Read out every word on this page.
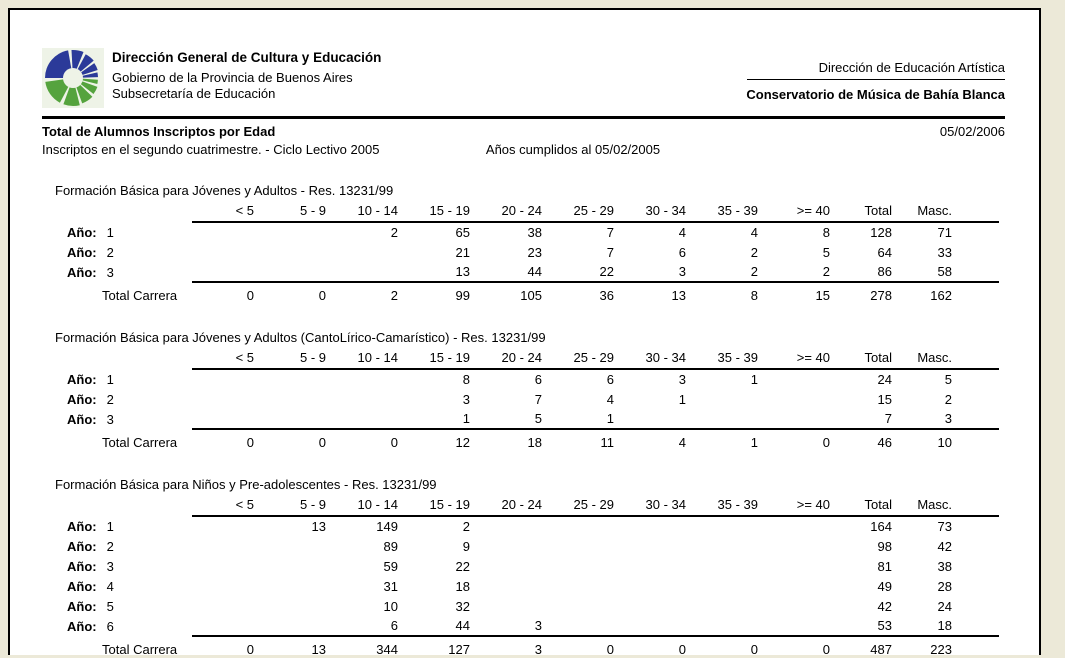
Dirección General de Cultura y Educación
Gobierno de la Provincia de Buenos Aires
Subsecretaría de Educación
Dirección de Educación Artística
Conservatorio de Música de Bahía Blanca
Total de Alumnos Inscriptos por Edad	05/02/2006
Inscriptos en el segundo cuatrimestre. - Ciclo Lectivo 2005	Años cumplidos al 05/02/2005
Formación Básica para Jóvenes y Adultos - Res. 13231/99
	< 5	5 - 9	10 - 14	15 - 19	20 - 24	25 - 29	30 - 34	35 - 39	>= 40	Total	Masc.	
Año: 1			2	65	38	7	4	4	8	128	71	
Año: 2				21	23	7	6	2	5	64	33	
Año: 3				13	44	22	3	2	2	86	58	
Total Carrera	0	0	2	99	105	36	13	8	15	278	162	
Formación Básica para Jóvenes y Adultos (CantoLírico-Camarístico) - Res. 13231/99
	< 5	5 - 9	10 - 14	15 - 19	20 - 24	25 - 29	30 - 34	35 - 39	>= 40	Total	Masc.	
Año: 1				8	6	6	3	1		24	5	
Año: 2				3	7	4	1			15	2	
Año: 3				1	5	1				7	3	
Total Carrera	0	0	0	12	18	11	4	1	0	46	10	
Formación Básica para Niños y Pre-adolescentes - Res. 13231/99
	< 5	5 - 9	10 - 14	15 - 19	20 - 24	25 - 29	30 - 34	35 - 39	>= 40	Total	Masc.	
Año: 1		13	149	2						164	73	
Año: 2			89	9						98	42	
Año: 3			59	22						81	38	
Año: 4			31	18						49	28	
Año: 5			10	32						42	24	
Año: 6			6	44	3					53	18	
Total Carrera	0	13	344	127	3	0	0	0	0	487	223	
